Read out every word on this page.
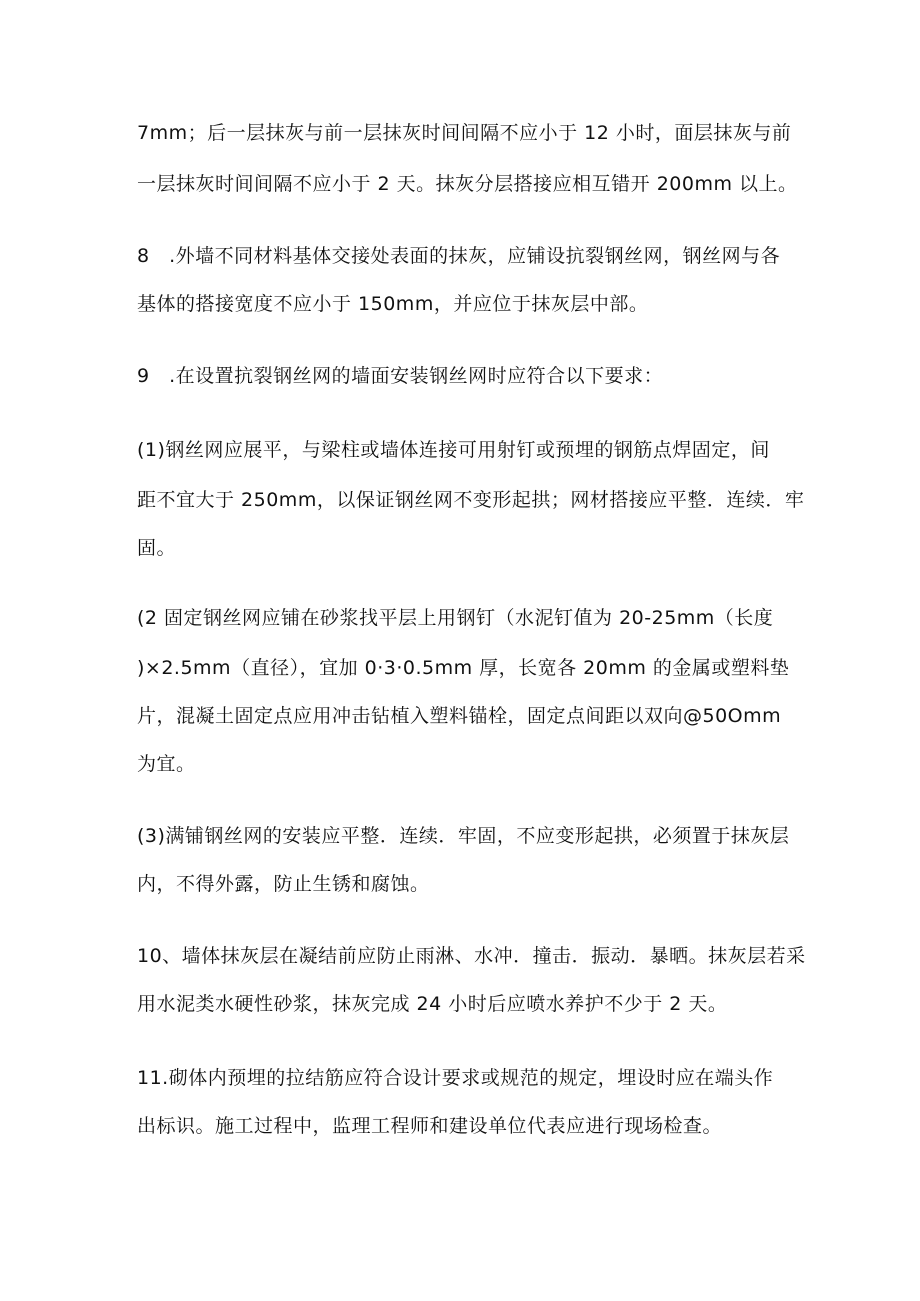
7mm；后一层抹灰与前一层抹灰时间间隔不应小于 12 小时，面层抹灰与前
一层抹灰时间间隔不应小于 2 天。抹灰分层搭接应相互错开 200mm 以上。
8　.外墙不同材料基体交接处表面的抹灰，应铺设抗裂钢丝网，钢丝网与各
基体的搭接宽度不应小于 150mm，并应位于抹灰层中部。
9　.在设置抗裂钢丝网的墙面安装钢丝网时应符合以下要求：
(1)钢丝网应展平，与梁柱或墙体连接可用射钉或预埋的钢筋点焊固定，间
距不宜大于 250mm，以保证钢丝网不变形起拱；网材搭接应平整．连续．牢
固。
(2 固定钢丝网应铺在砂浆找平层上用钢钉（水泥钉值为 20-25mm（长度
)×2.5mm（直径），宜加 0·3·0.5mm 厚，长宽各 20mm 的金属或塑料垫
片，混凝土固定点应用冲击钻植入塑料锚栓，固定点间距以双向@50Omm
为宜。
(3)满铺钢丝网的安装应平整．连续．牢固，不应变形起拱，必须置于抹灰层
内，不得外露，防止生锈和腐蚀。
10、墙体抹灰层在凝结前应防止雨淋、水冲．撞击．振动．暴晒。抹灰层若采
用水泥类水硬性砂浆，抹灰完成 24 小时后应喷水养护不少于 2 天。
11.砌体内预埋的拉结筋应符合设计要求或规范的规定，埋设时应在端头作
出标识。施工过程中，监理工程师和建设单位代表应进行现场检查。
